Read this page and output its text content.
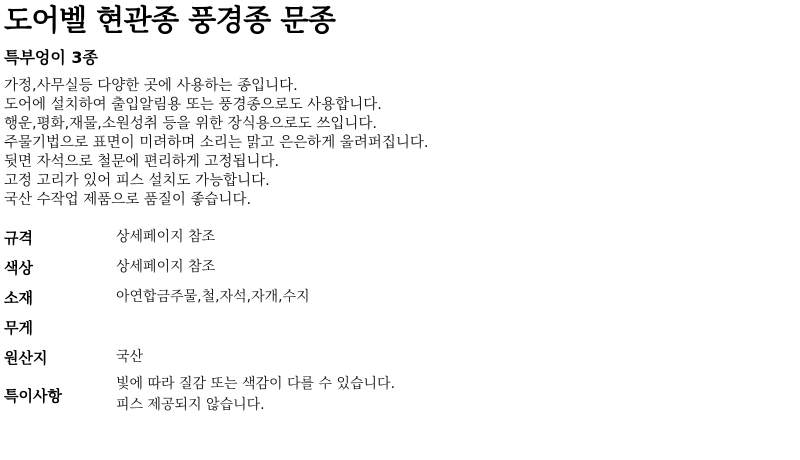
도어벨 현관종 풍경종 문종
특부엉이 3종
가정,사무실등 다양한 곳에 사용하는 종입니다.
도어에 설치하여 출입알림용 또는 풍경종으로도 사용합니다.
행운,평화,재물,소원성취 등을 위한 장식용으로도 쓰입니다.
주물기법으로 표면이 미려하며 소리는 맑고 은은하게 울려퍼집니다.
뒷면 자석으로 철문에 편리하게 고정됩니다.
고정 고리가 있어 피스 설치도 가능합니다.
국산 수작업 제품으로 품질이 좋습니다.
규격	상세페이지 참조

색상	상세페이지 참조

소재	아연합금주물,철,자석,자개,수지

무게	

원산지	국산

특이사항	빛에 따라 질감 또는 색감이 다를 수 있습니다.
피스 제공되지 않습니다.
